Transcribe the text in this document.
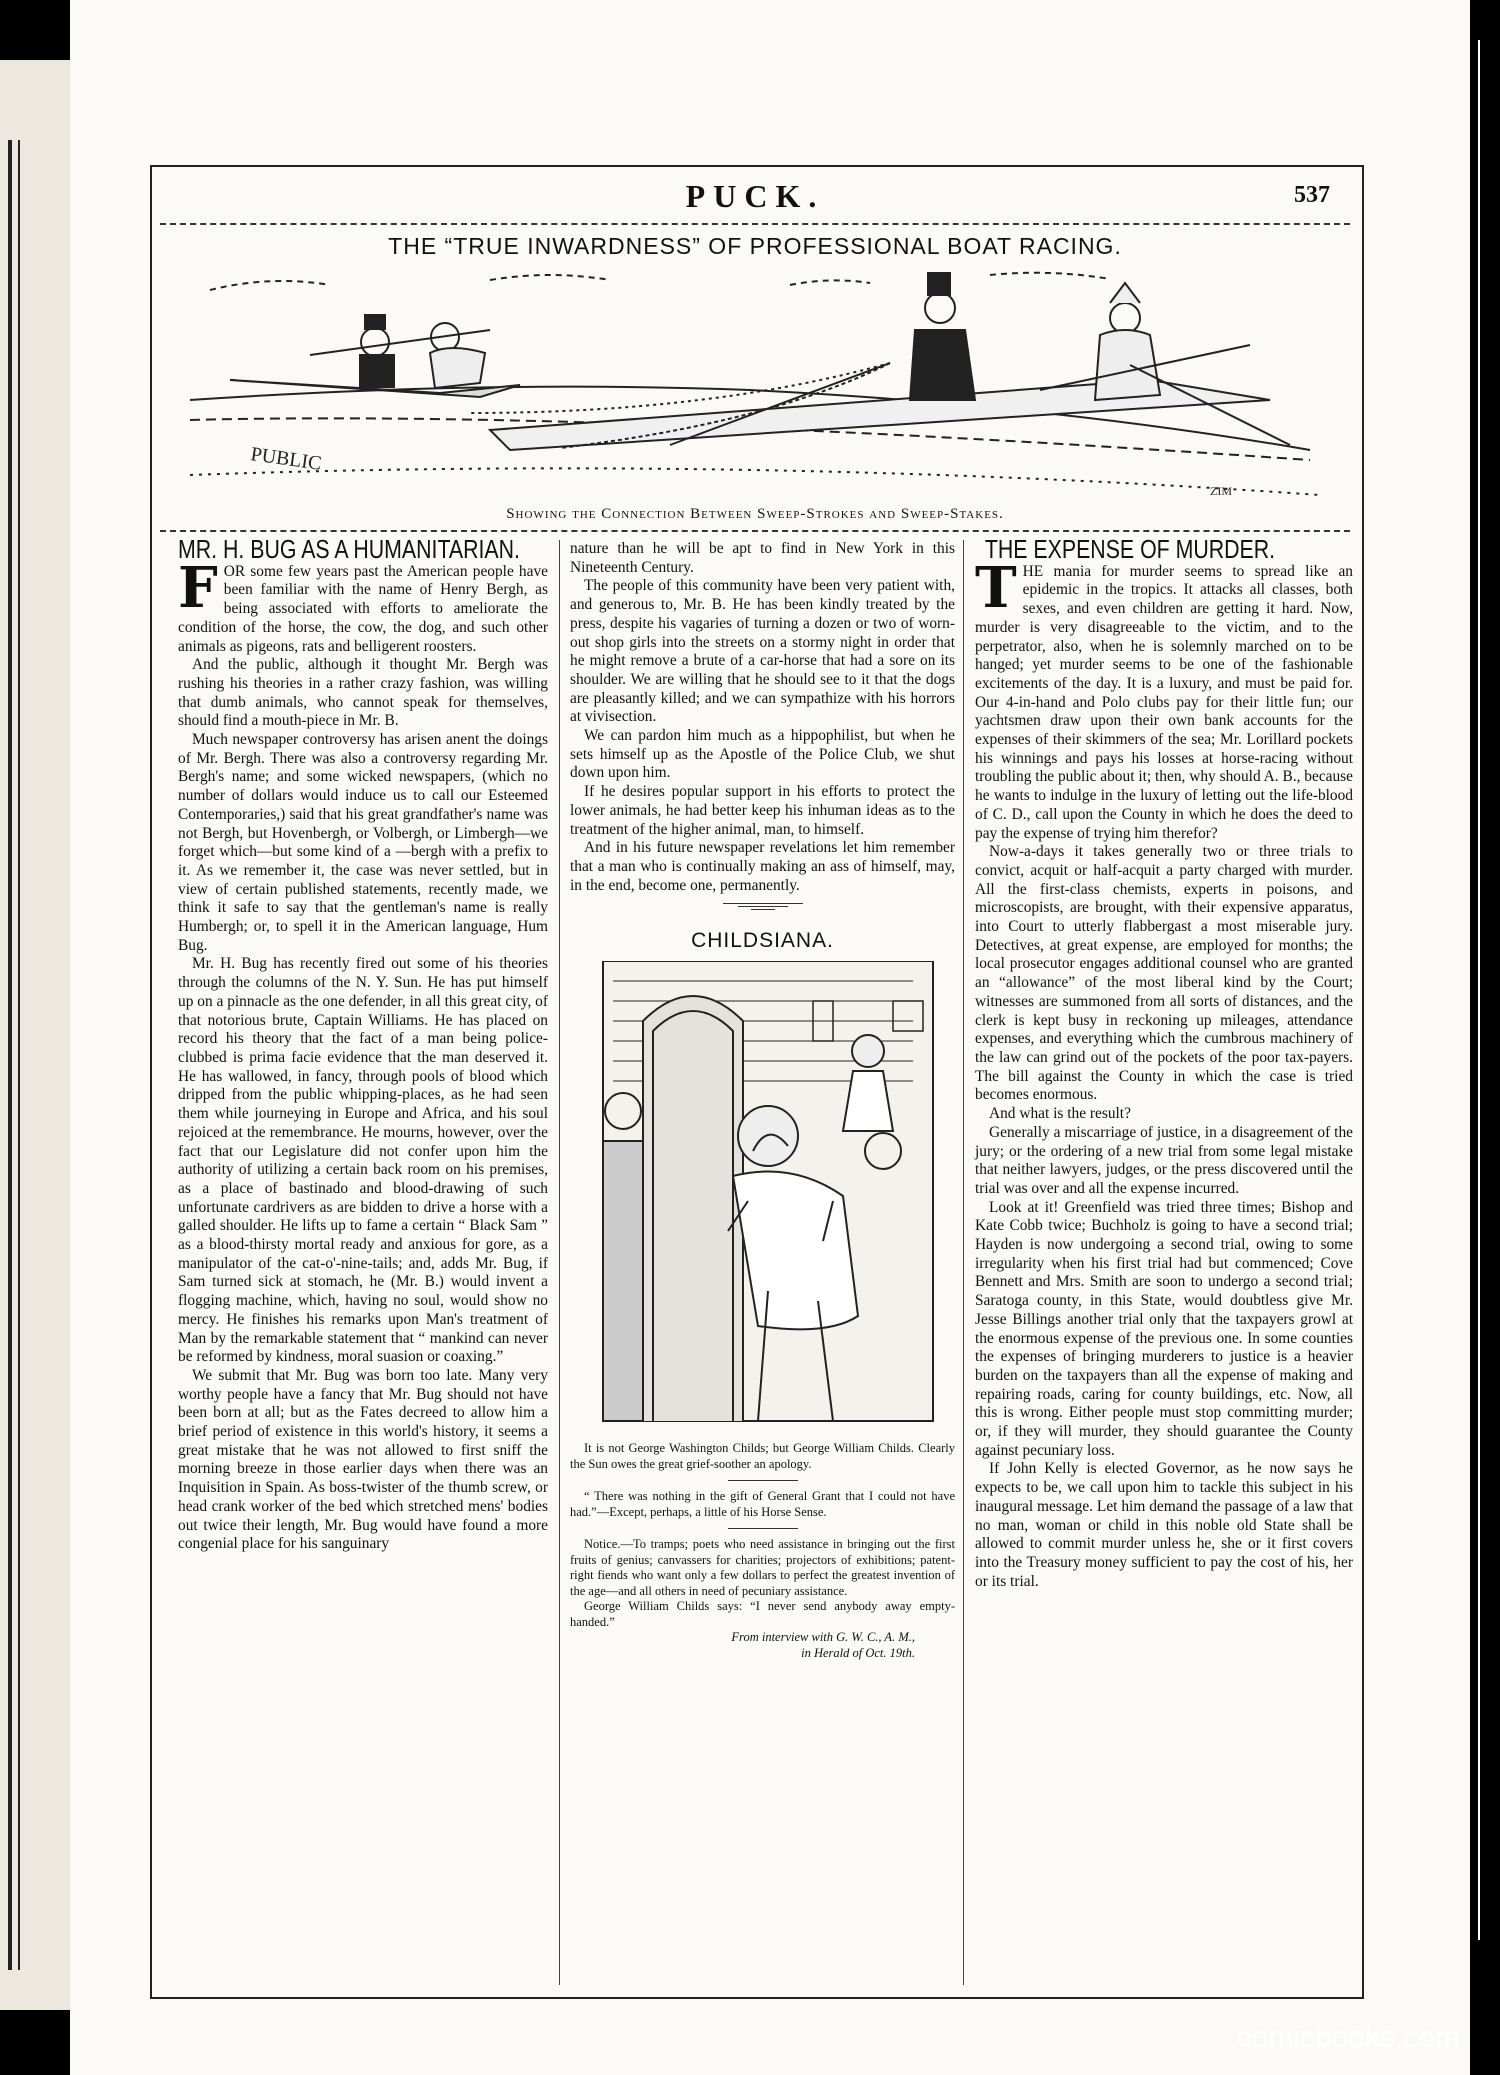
PUCK.	537
THE “TRUE INWARDNESS” OF PROFESSIONAL BOAT RACING.
PUBLIC
ZIM
Showing the Connection Between Sweep-Strokes and Sweep-Stakes.
MR. H. BUG AS A HUMANITARIAN.

FOR some few years past the American people have been familiar with the name of Henry Bergh, as being associated with efforts to ameliorate the condition of the horse, the cow, the dog, and such other animals as pigeons, rats and belligerent roosters.

And the public, although it thought Mr. Bergh was rushing his theories in a rather crazy fashion, was willing that dumb animals, who cannot speak for themselves, should find a mouth-piece in Mr. B.

Much newspaper controversy has arisen anent the doings of Mr. Bergh. There was also a controversy regarding Mr. Bergh's name; and some wicked newspapers, (which no number of dollars would induce us to call our Esteemed Contemporaries,) said that his great grandfather's name was not Bergh, but Hovenbergh, or Volbergh, or Limbergh—we forget which—but some kind of a —bergh with a prefix to it. As we remember it, the case was never settled, but in view of certain published statements, recently made, we think it safe to say that the gentleman's name is really Humbergh; or, to spell it in the American language, Hum Bug.

Mr. H. Bug has recently fired out some of his theories through the columns of the N. Y. Sun. He has put himself up on a pinnacle as the one defender, in all this great city, of that notorious brute, Captain Williams. He has placed on record his theory that the fact of a man being police-clubbed is prima facie evidence that the man deserved it. He has wallowed, in fancy, through pools of blood which dripped from the public whipping-places, as he had seen them while journeying in Europe and Africa, and his soul rejoiced at the remembrance. He mourns, however, over the fact that our Legislature did not confer upon him the authority of utilizing a certain back room on his premises, as a place of bastinado and blood-drawing of such unfortunate cardrivers as are bidden to drive a horse with a galled shoulder. He lifts up to fame a certain “ Black Sam ” as a blood-thirsty mortal ready and anxious for gore, as a manipulator of the cat-o'-nine-tails; and, adds Mr. Bug, if Sam turned sick at stomach, he (Mr. B.) would invent a flogging machine, which, having no soul, would show no mercy. He finishes his remarks upon Man's treatment of Man by the remarkable statement that “ mankind can never be reformed by kindness, moral suasion or coaxing.”

We submit that Mr. Bug was born too late. Many very worthy people have a fancy that Mr. Bug should not have been born at all; but as the Fates decreed to allow him a brief period of existence in this world's history, it seems a great mistake that he was not allowed to first sniff the morning breeze in those earlier days when there was an Inquisition in Spain. As boss-twister of the thumb screw, or head crank worker of the bed which stretched mens' bodies out twice their length, Mr. Bug would have found a more congenial place for his sanguinary

nature than he will be apt to find in New York in this Nineteenth Century.

The people of this community have been very patient with, and generous to, Mr. B. He has been kindly treated by the press, despite his vagaries of turning a dozen or two of worn-out shop girls into the streets on a stormy night in order that he might remove a brute of a car-horse that had a sore on its shoulder. We are willing that he should see to it that the dogs are pleasantly killed; and we can sympathize with his horrors at vivisection.

We can pardon him much as a hippophilist, but when he sets himself up as the Apostle of the Police Club, we shut down upon him.

If he desires popular support in his efforts to protect the lower animals, he had better keep his inhuman ideas as to the treatment of the higher animal, man, to himself.

And in his future newspaper revelations let him remember that a man who is continually making an ass of himself, may, in the end, become one, permanently.

CHILDSIANA.

It is not George Washington Childs; but George William Childs. Clearly the Sun owes the great grief-soother an apology.

“ There was nothing in the gift of General Grant that I could not have had.”—Except, perhaps, a little of his Horse Sense.

Notice.—To tramps; poets who need assistance in bringing out the first fruits of genius; canvassers for charities; projectors of exhibitions; patent-right fiends who want only a few dollars to perfect the greatest invention of the age—and all others in need of pecuniary assistance.

George William Childs says: “I never send anybody away empty-handed.”

From interview with G. W. C., A. M.,

in Herald of Oct. 19th.

THE EXPENSE OF MURDER.

THE mania for murder seems to spread like an epidemic in the tropics. It attacks all classes, both sexes, and even children are getting it hard. Now, murder is very disagreeable to the victim, and to the perpetrator, also, when he is solemnly marched on to be hanged; yet murder seems to be one of the fashionable excitements of the day. It is a luxury, and must be paid for. Our 4-in-hand and Polo clubs pay for their little fun; our yachtsmen draw upon their own bank accounts for the expenses of their skimmers of the sea; Mr. Lorillard pockets his winnings and pays his losses at horse-racing without troubling the public about it; then, why should A. B., because he wants to indulge in the luxury of letting out the life-blood of C. D., call upon the County in which he does the deed to pay the expense of trying him therefor?

Now-a-days it takes generally two or three trials to convict, acquit or half-acquit a party charged with murder. All the first-class chemists, experts in poisons, and microscopists, are brought, with their expensive apparatus, into Court to utterly flabbergast a most miserable jury. Detectives, at great expense, are employed for months; the local prosecutor engages additional counsel who are granted an “allowance” of the most liberal kind by the Court; witnesses are summoned from all sorts of distances, and the clerk is kept busy in reckoning up mileages, attendance expenses, and everything which the cumbrous machinery of the law can grind out of the pockets of the poor tax-payers. The bill against the County in which the case is tried becomes enormous.

And what is the result?

Generally a miscarriage of justice, in a disagreement of the jury; or the ordering of a new trial from some legal mistake that neither lawyers, judges, or the press discovered until the trial was over and all the expense incurred.

Look at it! Greenfield was tried three times; Bishop and Kate Cobb twice; Buchholz is going to have a second trial; Hayden is now undergoing a second trial, owing to some irregularity when his first trial had but commenced; Cove Bennett and Mrs. Smith are soon to undergo a second trial; Saratoga county, in this State, would doubtless give Mr. Jesse Billings another trial only that the taxpayers growl at the enormous expense of the previous one. In some counties the expenses of bringing murderers to justice is a heavier burden on the taxpayers than all the expense of making and repairing roads, caring for county buildings, etc. Now, all this is wrong. Either people must stop committing murder; or, if they will murder, they should guarantee the County against pecuniary loss.

If John Kelly is elected Governor, as he now says he expects to be, we call upon him to tackle this subject in his inaugural message. Let him demand the passage of a law that no man, woman or child in this noble old State shall be allowed to commit murder unless he, she or it first covers into the Treasury money sufficient to pay the cost of his, her or its trial.

comicbooks.com
